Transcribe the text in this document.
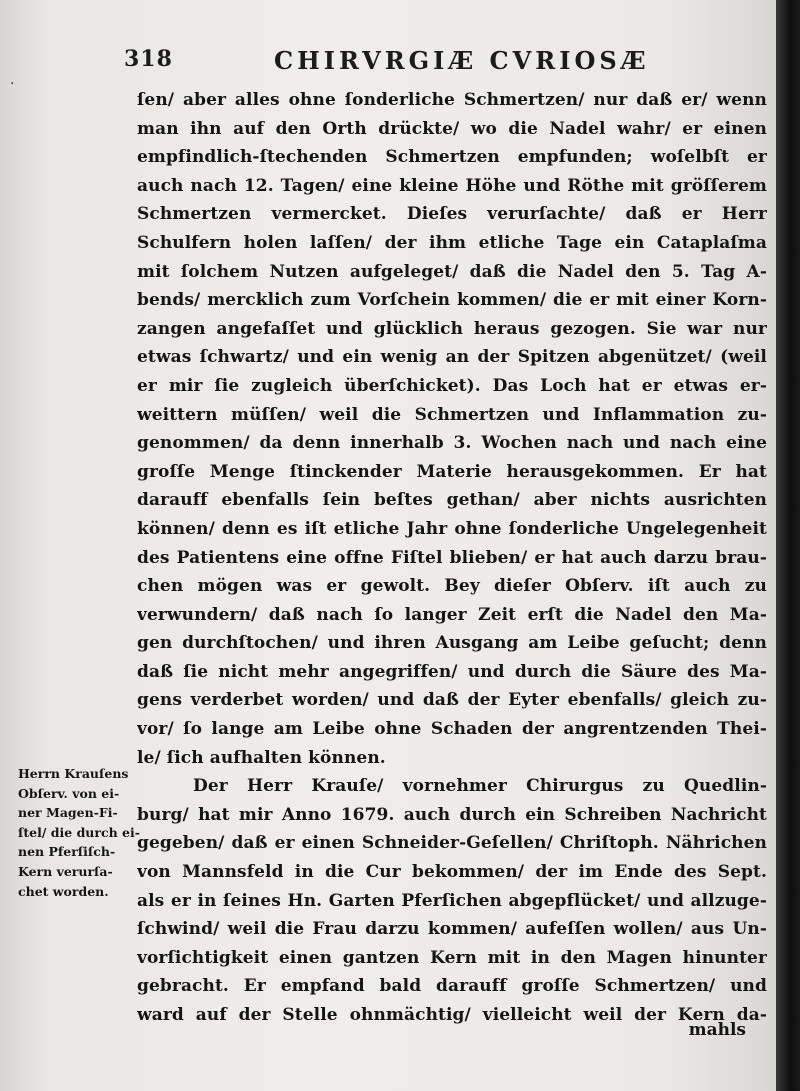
·
318	CHIRVRGIÆ CVRIOSÆ
ſen/ aber alles ohne ſonderliche Schmertzen/ nur daß er/ wenn
man ihn auf den Orth drückte/ wo die Nadel wahr/ er einen
empfindlich-ſtechenden Schmertzen empfunden; woſelbſt er
auch nach 12. Tagen/ eine kleine Höhe und Röthe mit gröſſerem
Schmertzen vermercket. Dieſes verurſachte/ daß er Herr
Schulfern holen laſſen/ der ihm etliche Tage ein Cataplaſma
mit ſolchem Nutzen aufgeleget/ daß die Nadel den 5. Tag A-
bends/ mercklich zum Vorſchein kommen/ die er mit einer Korn-
zangen angefaſſet und glücklich heraus gezogen. Sie war nur
etwas ſchwartz/ und ein wenig an der Spitzen abgenützet/ (weil
er mir ſie zugleich überſchicket). Das Loch hat er etwas er-
weittern müſſen/ weil die Schmertzen und Inflammation zu-
genommen/ da denn innerhalb 3. Wochen nach und nach eine
groſſe Menge ſtinckender Materie herausgekommen. Er hat
darauff ebenfalls ſein beſtes gethan/ aber nichts ausrichten
können/ denn es iſt etliche Jahr ohne ſonderliche Ungelegenheit
des Patientens eine offne Fiſtel blieben/ er hat auch darzu brau-
chen mögen was er gewolt. Bey dieſer Obſerv. iſt auch zu
verwundern/ daß nach ſo langer Zeit erſt die Nadel den Ma-
gen durchſtochen/ und ihren Ausgang am Leibe geſucht; denn
daß ſie nicht mehr angegriffen/ und durch die Säure des Ma-
gens verderbet worden/ und daß der Eyter ebenfalls/ gleich zu-
vor/ ſo lange am Leibe ohne Schaden der angrentzenden Thei-
le/ ſich aufhalten können.
Der Herr Krauſe/ vornehmer Chirurgus zu Quedlin-
burg/ hat mir Anno 1679. auch durch ein Schreiben Nachricht
gegeben/ daß er einen Schneider-Geſellen/ Chriſtoph. Nährichen
von Mannsfeld in die Cur bekommen/ der im Ende des Sept.
als er in ſeines Hn. Garten Pferſichen abgepflücket/ und allzuge-
ſchwind/ weil die Frau darzu kommen/ aufeſſen wollen/ aus Un-
vorſichtigkeit einen gantzen Kern mit in den Magen hinunter
gebracht. Er empfand bald darauff groſſe Schmertzen/ und
ward auf der Stelle ohnmächtig/ vielleicht weil der Kern da-
Herrn Krauſens
Obſerv. von ei-
ner Magen-Fi-
ſtel/ die durch ei-
nen Pferſiſch-
Kern verurſa-
chet worden.
mahls
